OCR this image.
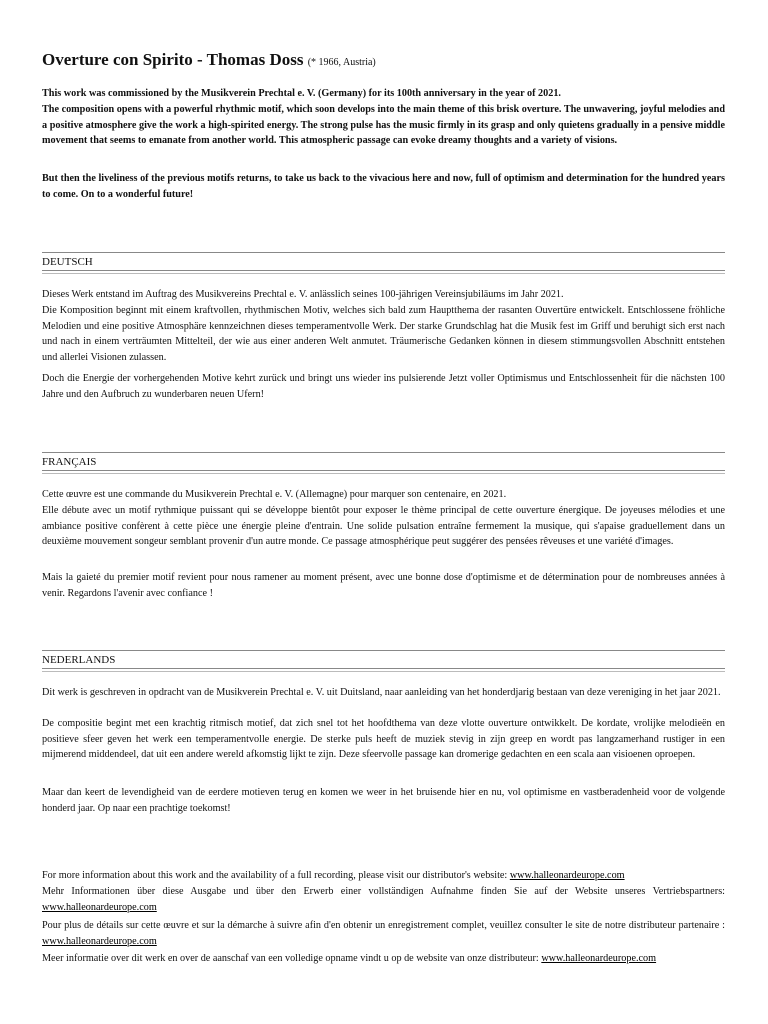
Overture con Spirito - Thomas Doss (* 1966, Austria)

This work was commissioned by the Musikverein Prechtal e. V. (Germany) for its 100th anniversary in the year of 2021.

The composition opens with a powerful rhythmic motif, which soon develops into the main theme of this brisk overture. The unwavering, joyful melodies and a positive atmosphere give the work a high-spirited energy. The strong pulse has the music firmly in its grasp and only quietens gradually in a pensive middle movement that seems to emanate from another world. This atmospheric passage can evoke dreamy thoughts and a variety of visions.

But then the liveliness of the previous motifs returns, to take us back to the vivacious here and now, full of optimism and determination for the hundred years to come. On to a wonderful future!

DEUTSCH

Dieses Werk entstand im Auftrag des Musikvereins Prechtal e. V. anlässlich seines 100-jährigen Vereinsjubiläums im Jahr 2021.

Die Komposition beginnt mit einem kraftvollen, rhythmischen Motiv, welches sich bald zum Hauptthema der rasanten Ouvertüre entwickelt. Entschlossene fröhliche Melodien und eine positive Atmosphäre kennzeichnen dieses temperamentvolle Werk. Der starke Grundschlag hat die Musik fest im Griff und beruhigt sich erst nach und nach in einem verträumten Mittelteil, der wie aus einer anderen Welt anmutet. Träumerische Gedanken können in diesem stimmungsvollen Abschnitt entstehen und allerlei Visionen zulassen.

Doch die Energie der vorhergehenden Motive kehrt zurück und bringt uns wieder ins pulsierende Jetzt voller Optimismus und Entschlossenheit für die nächsten 100 Jahre und den Aufbruch zu wunderbaren neuen Ufern!

FRANÇAIS

Cette œuvre est une commande du Musikverein Prechtal e. V. (Allemagne) pour marquer son centenaire, en 2021.

Elle débute avec un motif rythmique puissant qui se développe bientôt pour exposer le thème principal de cette ouverture énergique. De joyeuses mélodies et une ambiance positive confèrent à cette pièce une énergie pleine d'entrain. Une solide pulsation entraîne fermement la musique, qui s'apaise graduellement dans un deuxième mouvement songeur semblant provenir d'un autre monde. Ce passage atmosphérique peut suggérer des pensées rêveuses et une variété d'images.

Mais la gaieté du premier motif revient pour nous ramener au moment présent, avec une bonne dose d'optimisme et de détermination pour de nombreuses années à venir. Regardons l'avenir avec confiance !

NEDERLANDS

Dit werk is geschreven in opdracht van de Musikverein Prechtal e. V. uit Duitsland, naar aanleiding van het honderdjarig bestaan van deze vereniging in het jaar 2021.

De compositie begint met een krachtig ritmisch motief, dat zich snel tot het hoofdthema van deze vlotte ouverture ontwikkelt. De kordate, vrolijke melodieën en positieve sfeer geven het werk een temperamentvolle energie. De sterke puls heeft de muziek stevig in zijn greep en wordt pas langzamerhand rustiger in een mijmerend middendeel, dat uit een andere wereld afkomstig lijkt te zijn. Deze sfeervolle passage kan dromerige gedachten en een scala aan visioenen oproepen.

Maar dan keert de levendigheid van de eerdere motieven terug en komen we weer in het bruisende hier en nu, vol optimisme en vastberadenheid voor de volgende honderd jaar. Op naar een prachtige toekomst!

For more information about this work and the availability of a full recording, please visit our distributor's website: www.halleonardeurope.com

Mehr Informationen über diese Ausgabe und über den Erwerb einer vollständigen Aufnahme finden Sie auf der Website unseres Vertriebspartners: www.halleonardeurope.com

Pour plus de détails sur cette œuvre et sur la démarche à suivre afin d'en obtenir un enregistrement complet, veuillez consulter le site de notre distributeur partenaire : www.halleonardeurope.com

Meer informatie over dit werk en over de aanschaf van een volledige opname vindt u op de website van onze distributeur: www.halleonardeurope.com
